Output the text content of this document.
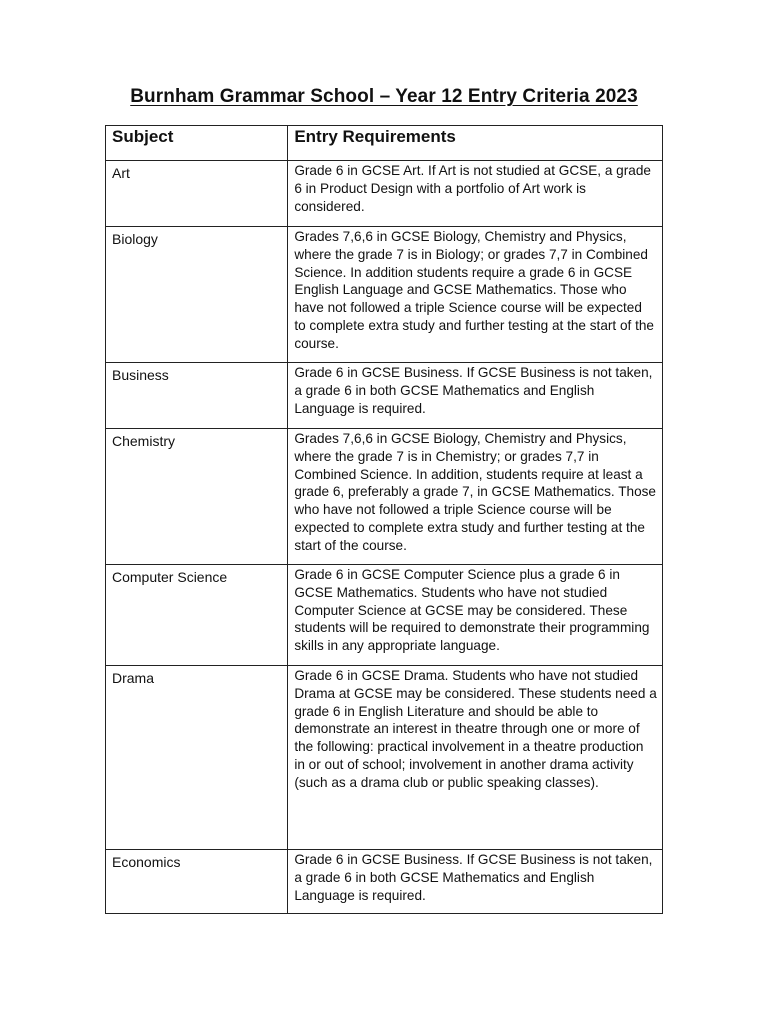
Burnham Grammar School – Year 12 Entry Criteria 2023
Subject	Entry Requirements
Art	Grade 6 in GCSE Art. If Art is not studied at GCSE, a grade 6 in Product Design with a portfolio of Art work is considered.
Biology	Grades 7,6,6 in GCSE Biology, Chemistry and Physics, where the grade 7 is in Biology; or grades 7,7 in Combined Science. In addition students require a grade 6 in GCSE English Language and GCSE Mathematics. Those who have not followed a triple Science course will be expected to complete extra study and further testing at the start of the course.
Business	Grade 6 in GCSE Business. If GCSE Business is not taken, a grade 6 in both GCSE Mathematics and English Language is required.
Chemistry	Grades 7,6,6 in GCSE Biology, Chemistry and Physics, where the grade 7 is in Chemistry; or grades 7,7 in Combined Science. In addition, students require at least a grade 6, preferably a grade 7, in GCSE Mathematics. Those who have not followed a triple Science course will be expected to complete extra study and further testing at the start of the course.
Computer Science	Grade 6 in GCSE Computer Science plus a grade 6 in GCSE Mathematics. Students who have not studied Computer Science at GCSE may be considered. These students will be required to demonstrate their programming skills in any appropriate language.
Drama	Grade 6 in GCSE Drama. Students who have not studied Drama at GCSE may be considered. These students need a grade 6 in English Literature and should be able to demonstrate an interest in theatre through one or more of the following: practical involvement in a theatre production in or out of school; involvement in another drama activity (such as a drama club or public speaking classes).
Economics	Grade 6 in GCSE Business. If GCSE Business is not taken, a grade 6 in both GCSE Mathematics and English Language is required.
